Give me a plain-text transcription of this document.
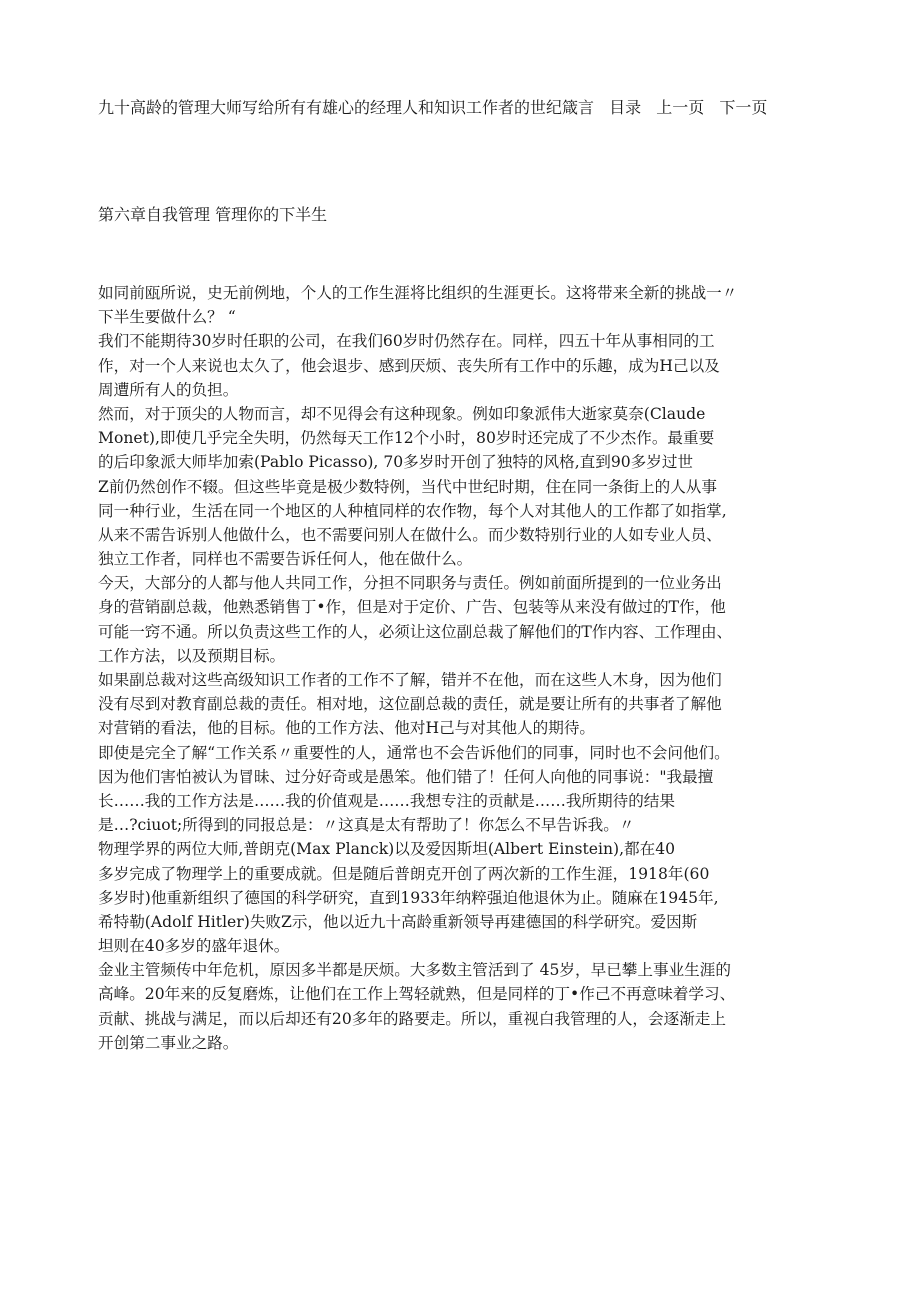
九十高龄的管理大师写给所有有雄心的经理人和知识工作者的世纪箴言 目录 上一页 下一页
第六章自我管理 管理你的下半生
如同前瓯所说，史无前例地，个人的工作生涯将比组织的生涯更长。这将带来全新的挑战一〃
下半生要做什么？ “
我们不能期待30岁时任职的公司，在我们60岁时仍然存在。同样，四五十年从事相同的工
作，对一个人来说也太久了，他会退步、感到厌烦、丧失所有工作中的乐趣，成为H己以及
周遭所有人的负担。
然而，对于顶尖的人物而言，却不见得会有这种现象。例如印象派伟大逝家莫奈(Claude
Monet),即使几乎完全失明，仍然每天工作12个小时，80岁时还完成了不少杰作。最重要
的后印象派大师毕加索(Pablo Picasso), 70多岁时开创了独特的风格,直到90多岁过世
Z前仍然创作不辍。但这些毕竟是极少数特例，当代中世纪时期，住在同一条街上的人从事
同一种行业，生活在同一个地区的人种植同样的农作物，每个人对其他人的工作都了如指掌,
从来不需告诉别人他做什么，也不需要问别人在做什么。而少数特别行业的人如专业人员、
独立工作者，同样也不需要告诉任何人，他在做什么。
今天，大部分的人都与他人共同工作，分担不同职务与责任。例如前面所提到的一位业务出
身的营销副总裁，他熟悉销售丁•作，但是对于定价、广告、包装等从来没有做过的T作，他
可能一窍不通。所以负责这些工作的人，必须让这位副总裁了解他们的T作内容、工作理由、
工作方法，以及预期目标。
如果副总裁对这些高级知识工作者的工作不了解，错并不在他，而在这些人木身，因为他们
没有尽到对教育副总裁的责任。相对地，这位副总裁的责任，就是要让所有的共事者了解他
对营销的看法，他的目标。他的工作方法、他对H己与对其他人的期待。
即使是完全了解“工作关系〃重要性的人，通常也不会告诉他们的同事，同时也不会问他们。
因为他们害怕被认为冒昧、过分好奇或是愚笨。他们错了！任何人向他的同事说："我最擅
长……我的工作方法是……我的价值观是……我想专注的贡献是……我所期待的结果
是…?ciuot;所得到的同报总是：〃这真是太有帮助了！你怎么不早告诉我。〃
物理学界的两位大师,普朗克(Max Planck)以及爱因斯坦(Albert Einstein),都在40
多岁完成了物理学上的重要成就。但是随后普朗克开创了两次新的工作生涯，1918年(60
多岁时)他重新组织了德国的科学研究，直到1933年纳粹强迫他退休为止。随麻在1945年,
希特勒(Adolf Hitler)失败Z示，他以近九十高龄重新领导再建德国的科学研究。爱因斯
坦则在40多岁的盛年退休。
金业主管频传中年危机，原因多半都是厌烦。大多数主管活到了 45岁，早已攀上事业生涯的
高峰。20年来的反复磨炼，让他们在工作上驾轻就熟，但是同样的丁•作己不再意味着学习、
贡献、挑战与满足，而以后却还有20多年的路要走。所以，重视白我管理的人，会逐渐走上
开创第二事业之路。
